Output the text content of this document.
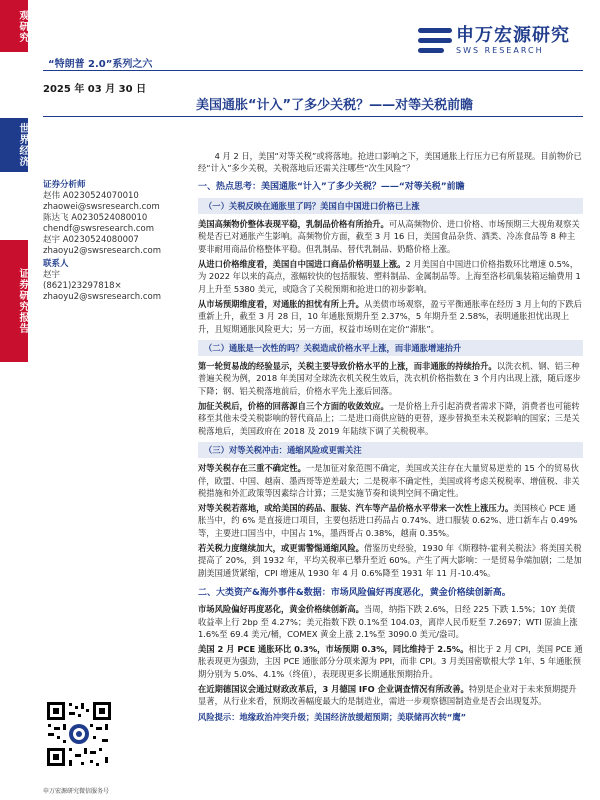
观研究
世界经济
证券研究报告
申万宏源研究
SWS RESEARCH
“特朗普 2.0”系列之六
2025 年 03 月 30 日
美国通胀“计入”了多少关税？——对等关税前瞻
证券分析师
赵伟 A0230524070010
zhaowei@swsresearch.com
陈达飞 A0230524080010
chendf@swsresearch.com
赵宇 A0230524080007
zhaoyu2@swsresearch.com
联系人
赵宇
(8621)23297818×
zhaoyu2@swsresearch.com
申万宏源研究微信服务号

4 月 2 日，美国“对等关税”或将落地。抢进口影响之下，美国通胀上行压力已有所显现。目前物价已经“计入”多少关税，关税落地后还需关注哪些“次生风险”？

一、热点思考：美国通胀“计入”了多少关税？——“对等关税”前瞻
（一）关税反映在通胀里了吗？美国自中国进口价格已上涨

美国高频物价整体表现平稳，乳制品价格有所抬升。可从高频物价、进口价格、市场预期三大视角观察关税是否已对通胀产生影响。高频物价方面，截至 3 月 16 日，美国食品杂货、酒类、冷冻食品等 8 种主要非耐用商品价格整体平稳。但乳制品、替代乳制品、奶酪价格上涨。

从进口价格维度看，美国自中国进口商品价格明显上涨。2 月美国自中国进口价格指数环比增速 0.5%，为 2022 年以来的高点，涨幅较快的包括服装、塑料制品、金属制品等。上海至洛杉矶集装箱运输费用 1 月上升至 5380 美元，或隐含了关税预期和抢进口的初步影响。

从市场预期维度看，对通胀的担忧有所上升。从美债市场观察，盈亏平衡通胀率在经历 3 月上旬的下跌后重新上升，截至 3 月 28 日，10 年通胀预期升至 2.37%，5 年期升至 2.58%，表明通胀担忧出现上升，且短期通胀风险更大；另一方面，权益市场则在定价“滞胀”。

（二）通胀是一次性的吗？关税造成价格水平上涨，而非通胀增速抬升

第一轮贸易战的经验显示，关税主要导致价格水平的上涨，而非通胀的持续抬升。以洗衣机、钢、铝三种普遍关税为例，2018 年美国对全球洗衣机关税生效后，洗衣机价格指数在 3 个月内出现上涨，随后逐步下降；钢、铝关税落地前后，价格水平先上涨后回落。

加征关税后，价格的回落源自三个方面的收敛效应。一是价格上升引起消费者需求下降，消费者也可能转移至其他未受关税影响的替代商品上；二是进口商供应链的更替，逐步替换至未关税影响的国家；三是关税落地后，美国政府在 2018 及 2019 年陆续下调了关税税率。

（三）对等关税冲击：通缩风险或更需关注

对等关税存在三重不确定性。一是加征对象范围不确定，美国或关注存在大量贸易逆差的 15 个的贸易伙伴，欧盟、中国、越南、墨西哥等逆差最大；二是税率不确定性，美国或将考虑关税税率、增值税、非关税措施和外汇政策等因素综合计算；三是实施节奏和谈判空间不确定性。

对等关税若落地，或给美国的药品、服装、汽车等产品价格水平带来一次性上涨压力。美国核心 PCE 通胀当中，约 6% 是直接进口项目，主要包括进口药品占 0.74%、进口服装 0.62%、进口新车占 0.49%等，主要进口国当中，中国占 1%，墨西哥占 0.38%，越南 0.35%。

若关税力度继续加大，或更需警惕通缩风险。借鉴历史经验，1930 年《斯穆特-霍利关税法》将美国关税提高了 20%，到 1932 年，平均关税率已攀升至近 60%。产生了两大影响：一是贸易争端加剧；二是加剧美国通货紧缩，CPI 增速从 1930 年 4 月 0.6%降至 1931 年 11 月-10.4%。

二、大类资产&海外事件&数据：市场风险偏好再度恶化，黄金价格续创新高。

市场风险偏好再度恶化，黄金价格续创新高。当周，纳指下跌 2.6%，日经 225 下跌 1.5%；10Y 美债收益率上行 2bp 至 4.27%；美元指数下跌 0.1%至 104.03，离岸人民币贬至 7.2697；WTI 原油上涨 1.6%至 69.4 美元/桶，COMEX 黄金上涨 2.1%至 3090.0 美元/盎司。

美国 2 月 PCE 通胀环比 0.3%，市场预期 0.3%，同比维持于 2.5%。相比于 2 月 CPI，美国 PCE 通胀表现更为强劲，主因 PCE 通胀部分分项来源为 PPI，而非 CPI。3 月美国密歇根大学 1年、5 年通胀预期分别为 5.0%、4.1%（终值），表现现更多长期通胀预期抬升。

在近期德国议会通过财政改革后，3 月德国 IFO 企业调查情况有所改善。特别是企业对于未来预期提升显著，从行业来看，预期改善幅度最大的是制造业，需进一步观察德国制造业是否会出现复苏。

风险提示：地缘政治冲突升级；美国经济放缓超预期；美联储再次转“鹰”
